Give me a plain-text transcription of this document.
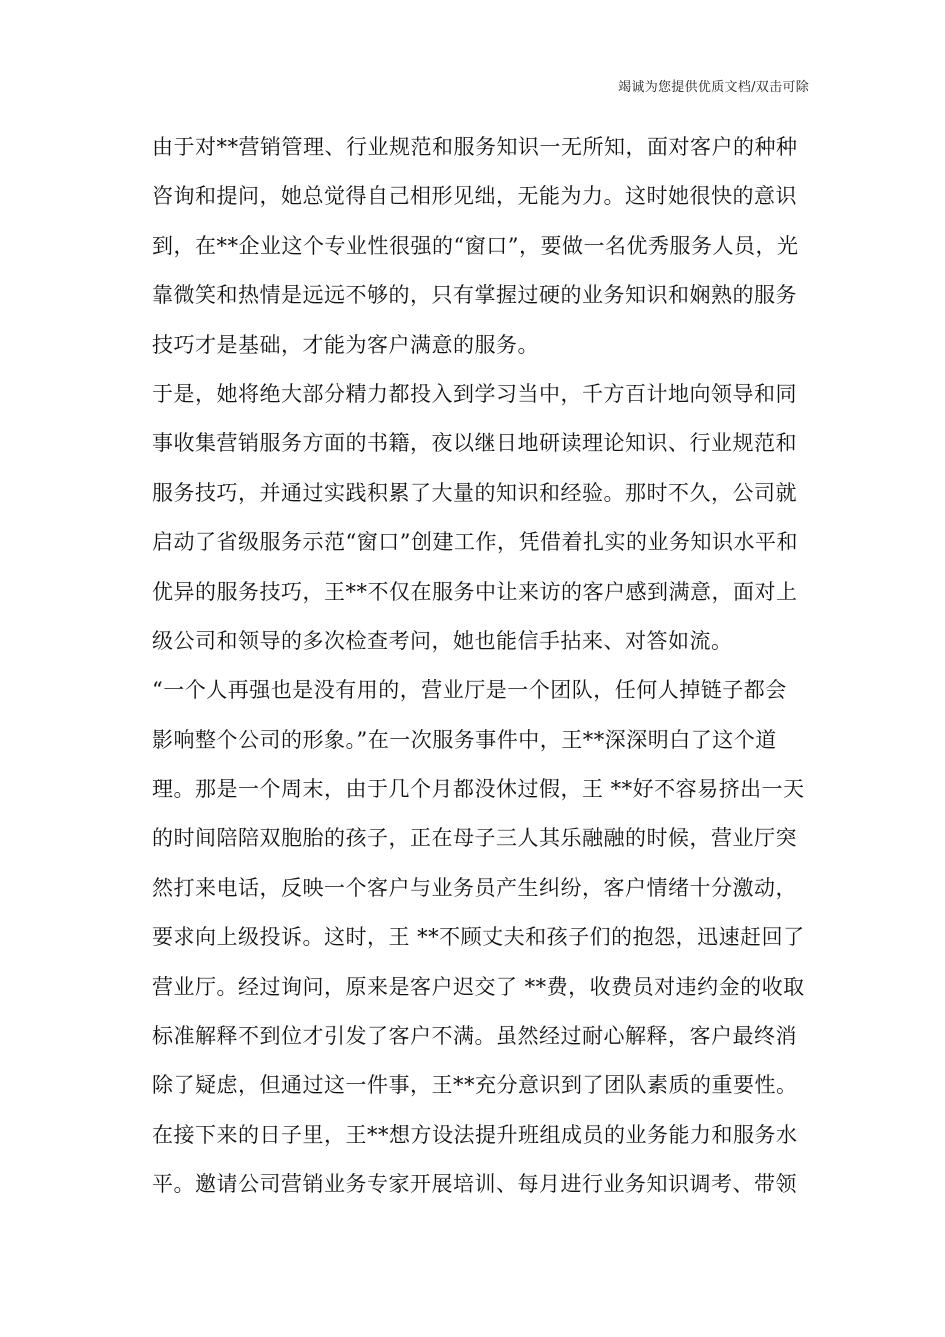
竭诚为您提供优质文档/双击可除
由于对**营销管理、行业规范和服务知识一无所知，面对客户的种种
咨询和提问，她总觉得自己相形见绌，无能为力。这时她很快的意识
到，在**企业这个专业性很强的“窗口”，要做一名优秀服务人员，光
靠微笑和热情是远远不够的，只有掌握过硬的业务知识和娴熟的服务
技巧才是基础，才能为客户满意的服务。
于是，她将绝大部分精力都投入到学习当中，千方百计地向领导和同
事收集营销服务方面的书籍，夜以继日地研读理论知识、行业规范和
服务技巧，并通过实践积累了大量的知识和经验。那时不久，公司就
启动了省级服务示范“窗口”创建工作，凭借着扎实的业务知识水平和
优异的服务技巧，王**不仅在服务中让来访的客户感到满意，面对上
级公司和领导的多次检查考问，她也能信手拈来、对答如流。
“一个人再强也是没有用的，营业厅是一个团队，任何人掉链子都会
影响整个公司的形象。”在一次服务事件中，王**深深明白了这个道
理。那是一个周末，由于几个月都没休过假，王 **好不容易挤出一天
的时间陪陪双胞胎的孩子，正在母子三人其乐融融的时候，营业厅突
然打来电话，反映一个客户与业务员产生纠纷，客户情绪十分激动，
要求向上级投诉。这时，王 **不顾丈夫和孩子们的抱怨，迅速赶回了
营业厅。经过询问，原来是客户迟交了 **费，收费员对违约金的收取
标准解释不到位才引发了客户不满。虽然经过耐心解释，客户最终消
除了疑虑，但通过这一件事，王**充分意识到了团队素质的重要性。
在接下来的日子里，王**想方设法提升班组成员的业务能力和服务水
平。邀请公司营销业务专家开展培训、每月进行业务知识调考、带领
